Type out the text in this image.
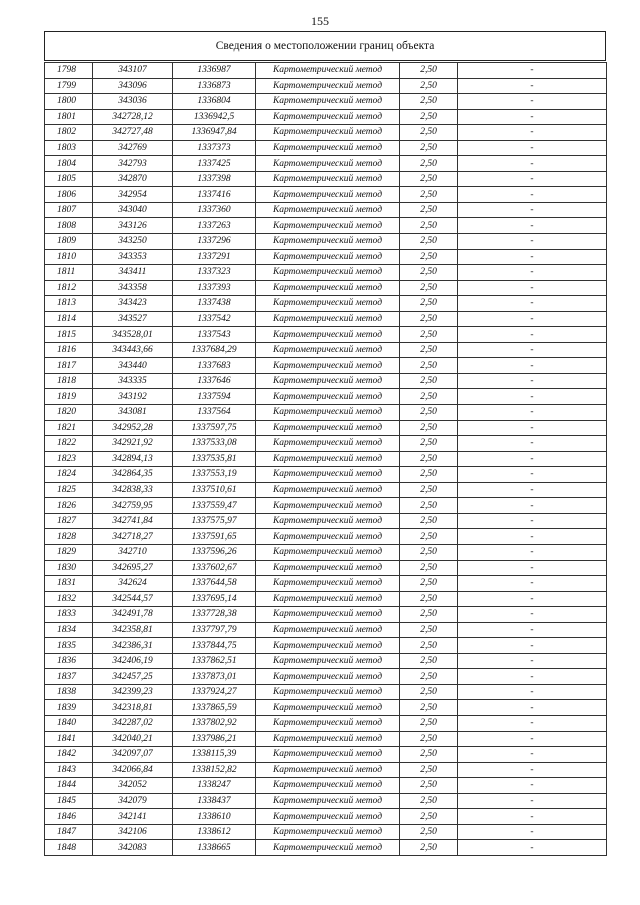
155
Сведения о местоположении границ объекта
1798	343107	1336987	Картометрический метод	2,50	-
1799	343096	1336873	Картометрический метод	2,50	-
1800	343036	1336804	Картометрический метод	2,50	-
1801	342728,12	1336942,5	Картометрический метод	2,50	-
1802	342727,48	1336947,84	Картометрический метод	2,50	-
1803	342769	1337373	Картометрический метод	2,50	-
1804	342793	1337425	Картометрический метод	2,50	-
1805	342870	1337398	Картометрический метод	2,50	-
1806	342954	1337416	Картометрический метод	2,50	-
1807	343040	1337360	Картометрический метод	2,50	-
1808	343126	1337263	Картометрический метод	2,50	-
1809	343250	1337296	Картометрический метод	2,50	-
1810	343353	1337291	Картометрический метод	2,50	-
1811	343411	1337323	Картометрический метод	2,50	-
1812	343358	1337393	Картометрический метод	2,50	-
1813	343423	1337438	Картометрический метод	2,50	-
1814	343527	1337542	Картометрический метод	2,50	-
1815	343528,01	1337543	Картометрический метод	2,50	-
1816	343443,66	1337684,29	Картометрический метод	2,50	-
1817	343440	1337683	Картометрический метод	2,50	-
1818	343335	1337646	Картометрический метод	2,50	-
1819	343192	1337594	Картометрический метод	2,50	-
1820	343081	1337564	Картометрический метод	2,50	-
1821	342952,28	1337597,75	Картометрический метод	2,50	-
1822	342921,92	1337533,08	Картометрический метод	2,50	-
1823	342894,13	1337535,81	Картометрический метод	2,50	-
1824	342864,35	1337553,19	Картометрический метод	2,50	-
1825	342838,33	1337510,61	Картометрический метод	2,50	-
1826	342759,95	1337559,47	Картометрический метод	2,50	-
1827	342741,84	1337575,97	Картометрический метод	2,50	-
1828	342718,27	1337591,65	Картометрический метод	2,50	-
1829	342710	1337596,26	Картометрический метод	2,50	-
1830	342695,27	1337602,67	Картометрический метод	2,50	-
1831	342624	1337644,58	Картометрический метод	2,50	-
1832	342544,57	1337695,14	Картометрический метод	2,50	-
1833	342491,78	1337728,38	Картометрический метод	2,50	-
1834	342358,81	1337797,79	Картометрический метод	2,50	-
1835	342386,31	1337844,75	Картометрический метод	2,50	-
1836	342406,19	1337862,51	Картометрический метод	2,50	-
1837	342457,25	1337873,01	Картометрический метод	2,50	-
1838	342399,23	1337924,27	Картометрический метод	2,50	-
1839	342318,81	1337865,59	Картометрический метод	2,50	-
1840	342287,02	1337802,92	Картометрический метод	2,50	-
1841	342040,21	1337986,21	Картометрический метод	2,50	-
1842	342097,07	1338115,39	Картометрический метод	2,50	-
1843	342066,84	1338152,82	Картометрический метод	2,50	-
1844	342052	1338247	Картометрический метод	2,50	-
1845	342079	1338437	Картометрический метод	2,50	-
1846	342141	1338610	Картометрический метод	2,50	-
1847	342106	1338612	Картометрический метод	2,50	-
1848	342083	1338665	Картометрический метод	2,50	-
